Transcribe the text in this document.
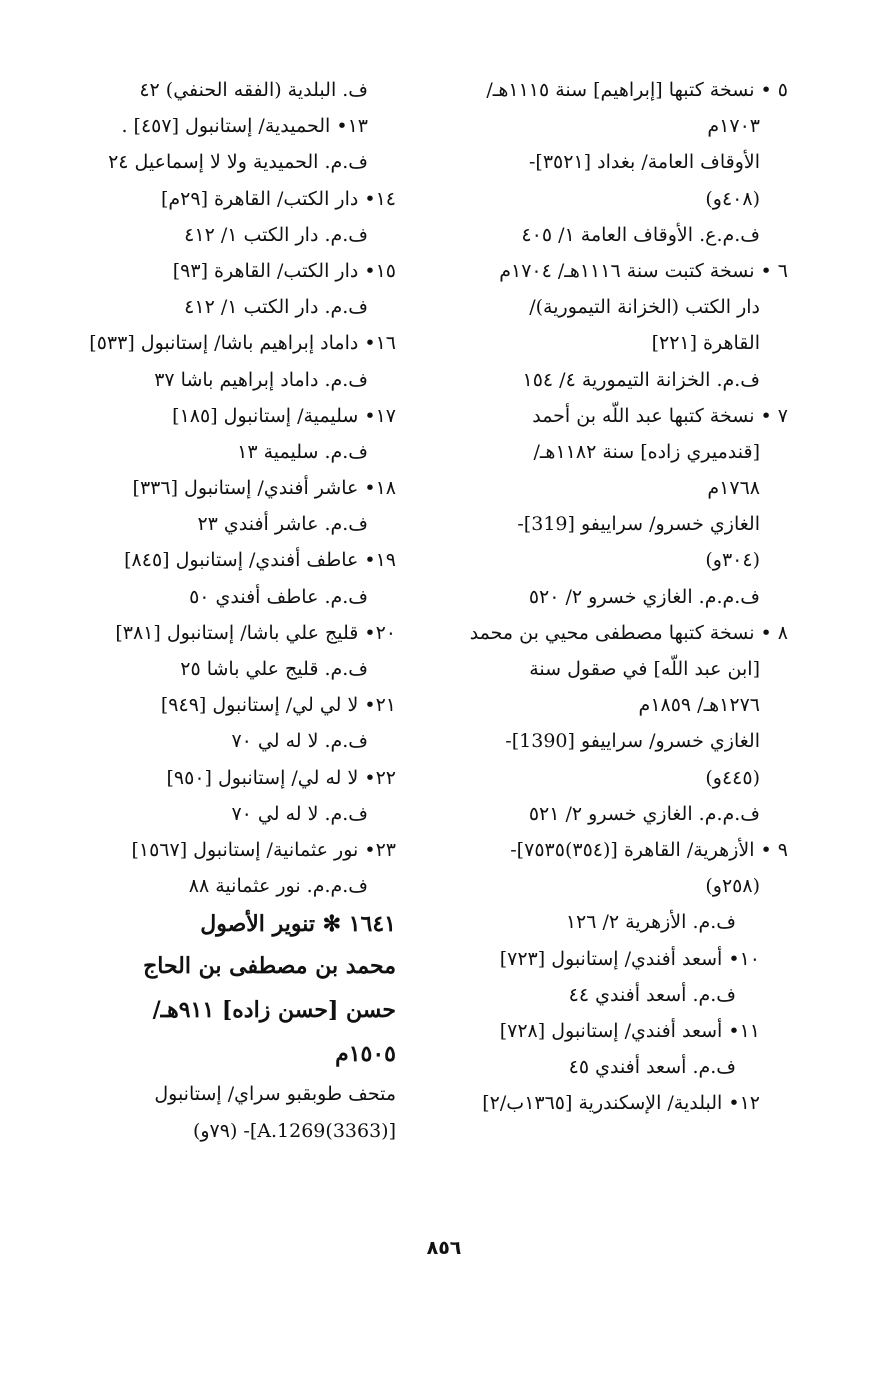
٥ • نسخة كتبها [إبراهيم] سنة ١١١٥هـ/
١٧٠٣م
الأوقاف العامة/ بغداد [٣٥٢١]-
(٤٠٨و)
ف.م.ع. الأوقاف العامة ١/ ٤٠٥
٦ • نسخة كتبت سنة ١١١٦هـ/ ١٧٠٤م
دار الكتب (الخزانة التيمورية)/
القاهرة [٢٢١]
ف.م. الخزانة التيمورية ٤/ ١٥٤
٧ • نسخة كتبها عبد اللّه بن أحمد
[قندميري زاده] سنة ١١٨٢هـ/
١٧٦٨م
الغازي خسرو/ سراييفو [319]-
(٣٠٤و)
ف.م.م. الغازي خسرو ٢/ ٥٢٠
٨ • نسخة كتبها مصطفى محيي بن محمد
[ابن عبد اللّه] في صقول سنة
١٢٧٦هـ/ ١٨٥٩م
الغازي خسرو/ سراييفو [1390]-
(٤٤٥و)
ف.م.م. الغازي خسرو ٢/ ٥٢١
٩ • الأزهرية/ القاهرة [(٣٥٤)٧٥٣٥]-
(٢٥٨و)
ف.م. الأزهرية ٢/ ١٢٦
١٠• أسعد أفندي/ إستانبول [٧٢٣]
ف.م. أسعد أفندي ٤٤
١١• أسعد أفندي/ إستانبول [٧٢٨]
ف.م. أسعد أفندي ٤٥
١٢• البلدية/ الإسكندرية [١٣٦٥ب/٢]
ف. البلدية (الفقه الحنفي) ٤٢
١٣• الحميدية/ إستانبول [٤٥٧] .
ف.م. الحميدية ولا لا إسماعيل ٢٤
١٤• دار الكتب/ القاهرة [٢٩م]
ف.م. دار الكتب ١/ ٤١٢
١٥• دار الكتب/ القاهرة [٩٣]
ف.م. دار الكتب ١/ ٤١٢
١٦• داماد إبراهيم باشا/ إستانبول [٥٣٣]
ف.م. داماد إبراهيم باشا ٣٧
١٧• سليمية/ إستانبول [١٨٥]
ف.م. سليمية ١٣
١٨• عاشر أفندي/ إستانبول [٣٣٦]
ف.م. عاشر أفندي ٢٣
١٩• عاطف أفندي/ إستانبول [٨٤٥]
ف.م. عاطف أفندي ٥٠
٢٠• قليج علي باشا/ إستانبول [٣٨١]
ف.م. قليج علي باشا ٢٥
٢١• لا لي لي/ إستانبول [٩٤٩]
ف.م. لا له لي ٧٠
٢٢• لا له لي/ إستانبول [٩٥٠]
ف.م. لا له لي ٧٠
٢٣• نور عثمانية/ إستانبول [١٥٦٧]
ف.م.م. نور عثمانية ٨٨
١٦٤١ ✻ تنوير الأصول
محمد بن مصطفى بن الحاج
حسن [حسن زاده] ٩١١هـ/
١٥٠٥م
متحف طوبقبو سراي/ إستانبول
[(3363)A.1269]- (٧٩و)
٨٥٦
